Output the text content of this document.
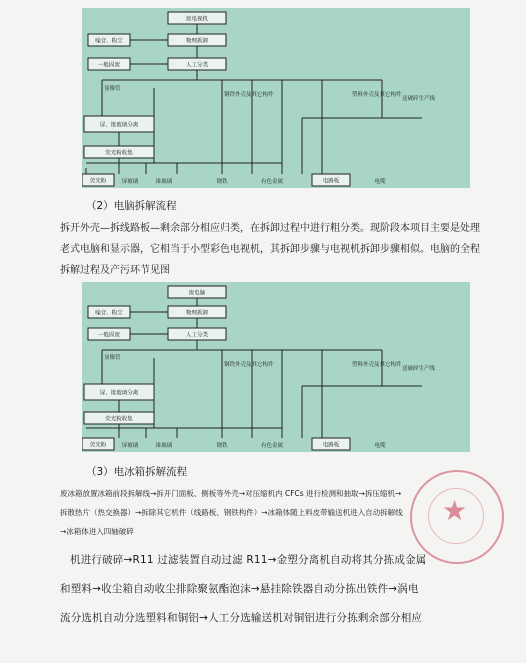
废电视机
物理拆卸
人工分类
噪音、粉尘
一般固废
显像管
屏、锥玻璃分离
荧光粉收集
钢铁外壳及其它构件	塑料外壳及其它构件
送破碎生产线
荧光粉	屏玻璃	锥玻璃	钢铁	有色金属	电路板	电缆
（2）电脑拆解流程
拆开外壳—拆线路板—剩余部分相应归类，在拆卸过程中进行粗分类。现阶段本项目主要是处理老式电脑和显示器，它相当于小型彩色电视机，其拆卸步骤与电视机拆卸步骤相似。电脑的全程拆解过程及产污环节见图
废电脑
物理拆卸
人工分类
噪音、粉尘
一般固废
显像管
屏、锥玻璃分离
荧光粉收集
钢铁外壳及其它构件	塑料外壳及其它构件
送破碎生产线
荧光粉	屏玻璃	锥玻璃	钢铁	有色金属	电路板	电缆
（3）电冰箱拆解流程
废冰箱放置冰箱前段拆解线→拆开门面板、侧板等外壳→对压缩机内 CFCs 进行检测和抽取→拆压缩机→
拆散热片（热交换器）→拆除其它机件（线路板、钢铁构件）→冰箱体随上料皮带输送机进入自动拆解线
→冰箱体进入四轴破碎
机进行破碎→R11 过滤装置自动过滤 R11→金塑分离机自动将其分拣成金属
和塑料→收尘箱自动收尘排除聚氨酯泡沫→悬挂除铁器自动分拣出铁件→涡电
流分选机自动分选塑料和铜铝→人工分选输送机对铜铝进行分拣剩余部分相应
★
